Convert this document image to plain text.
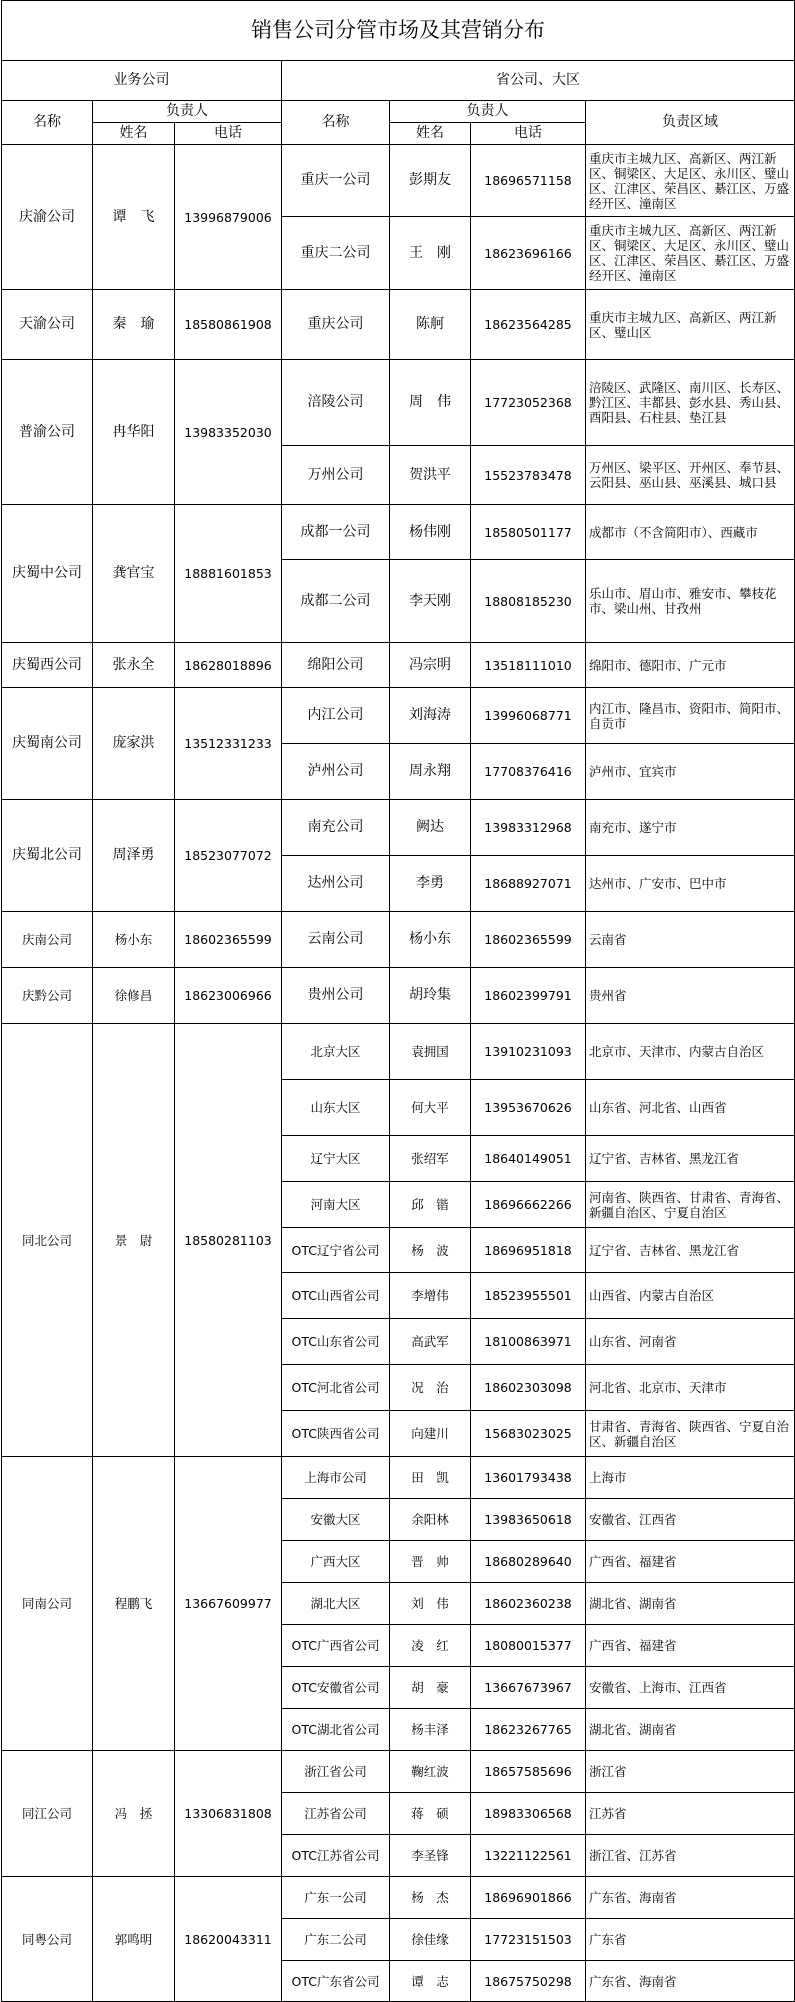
销售公司分管市场及其营销分布						
业务公司			省公司、大区			
名称	负责人		名称	负责人		负责区域
	姓名	电话		姓名	电话	
庆渝公司	谭　飞	13996879006	重庆一公司	彭期友	18696571158	重庆市主城九区、高新区、两江新区、铜梁区、大足区、永川区、璧山区、江津区、荣昌区、綦江区、万盛经开区、潼南区
			重庆二公司	王　刚	18623696166	重庆市主城九区、高新区、两江新区、铜梁区、大足区、永川区、璧山区、江津区、荣昌区、綦江区、万盛经开区、潼南区
天渝公司	秦　瑜	18580861908	重庆公司	陈舸	18623564285	重庆市主城九区、高新区、两江新区、璧山区
普渝公司	冉华阳	13983352030	涪陵公司	周　伟	17723052368	涪陵区、武隆区、南川区、长寿区、黔江区、丰都县、彭水县、秀山县、酉阳县、石柱县、垫江县
			万州公司	贺洪平	15523783478	万州区、梁平区、开州区、奉节县、云阳县、巫山县、巫溪县、城口县
庆蜀中公司	龚官宝	18881601853	成都一公司	杨伟刚	18580501177	成都市（不含简阳市）、西藏市
			成都二公司	李天刚	18808185230	乐山市、眉山市、雅安市、攀枝花市、梁山州、甘孜州
庆蜀西公司	张永全	18628018896	绵阳公司	冯宗明	13518111010	绵阳市、德阳市、广元市
庆蜀南公司	庞家洪	13512331233	内江公司	刘海涛	13996068771	内江市、隆昌市、资阳市、简阳市、自贡市
			泸州公司	周永翔	17708376416	泸州市、宜宾市
庆蜀北公司	周泽勇	18523077072	南充公司	阙达	13983312968	南充市、遂宁市
			达州公司	李勇	18688927071	达州市、广安市、巴中市
庆南公司	杨小东	18602365599	云南公司	杨小东	18602365599	云南省
庆黔公司	徐修昌	18623006966	贵州公司	胡玲集	18602399791	贵州省
同北公司	景　尉	18580281103	北京大区	袁拥国	13910231093	北京市、天津市、内蒙古自治区
			山东大区	何大平	13953670626	山东省、河北省、山西省
			辽宁大区	张绍军	18640149051	辽宁省、吉林省、黑龙江省
			河南大区	邱　锴	18696662266	河南省、陕西省、甘肃省、青海省、新疆自治区、宁夏自治区
			OTC辽宁省公司	杨　波	18696951818	辽宁省、吉林省、黑龙江省
			OTC山西省公司	李增伟	18523955501	山西省、内蒙古自治区
			OTC山东省公司	高武军	18100863971	山东省、河南省
			OTC河北省公司	况　治	18602303098	河北省、北京市、天津市
			OTC陕西省公司	向建川	15683023025	甘肃省、青海省、陕西省、宁夏自治区、新疆自治区
同南公司	程鹏飞	13667609977	上海市公司	田　凯	13601793438	上海市
			安徽大区	余阳林	13983650618	安徽省、江西省
			广西大区	晋　帅	18680289640	广西省、福建省
			湖北大区	刘　伟	18602360238	湖北省、湖南省
			OTC广西省公司	凌　红	18080015377	广西省、福建省
			OTC安徽省公司	胡　豪	13667673967	安徽省、上海市、江西省
			OTC湖北省公司	杨丰泽	18623267765	湖北省、湖南省
同江公司	冯　拯	13306831808	浙江省公司	鞠红波	18657585696	浙江省
			江苏省公司	蒋　硕	18983306568	江苏省
			OTC江苏省公司	李圣锋	13221122561	浙江省、江苏省
同粤公司	郭鸣明	18620043311	广东一公司	杨　杰	18696901866	广东省、海南省
			广东二公司	徐佳缘	17723151503	广东省
			OTC广东省公司	谭　志	18675750298	广东省、海南省
